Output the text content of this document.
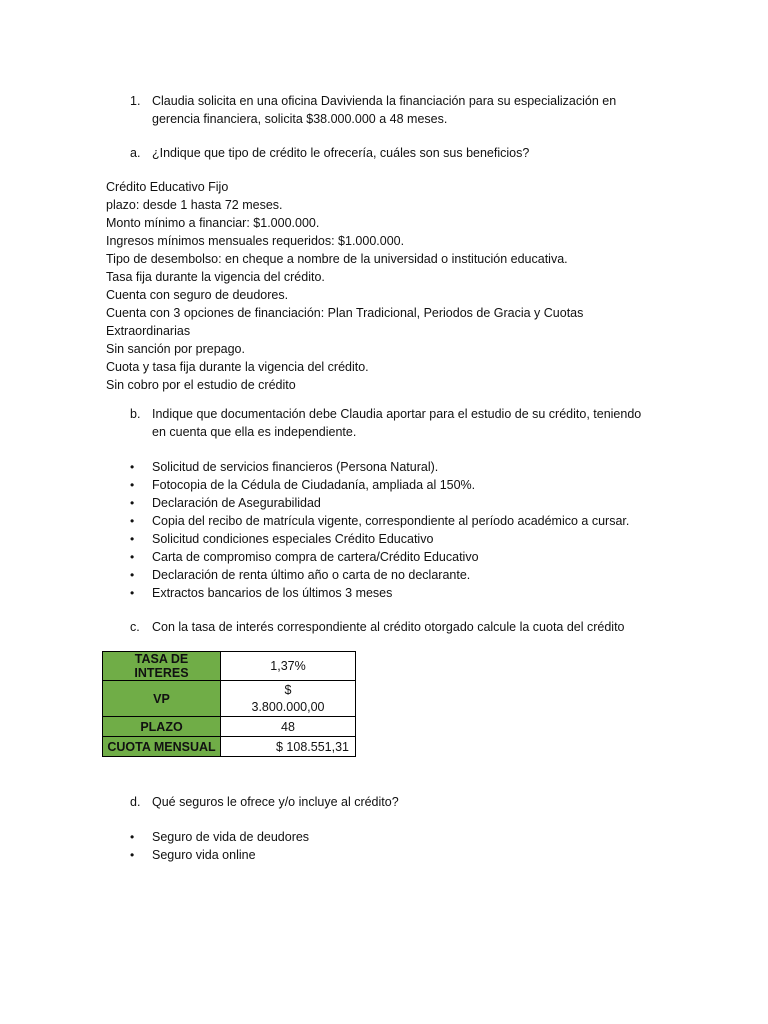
1. Claudia solicita en una oficina Davivienda la financiación para su especialización en
gerencia financiera, solicita $38.000.000 a 48 meses.
a. ¿Indique que tipo de crédito le ofrecería, cuáles son sus beneficios?
Crédito Educativo Fijo
plazo: desde 1 hasta 72 meses.
Monto mínimo a financiar: $1.000.000.
Ingresos mínimos mensuales requeridos: $1.000.000.
Tipo de desembolso: en cheque a nombre de la universidad o institución educativa.
Tasa fija durante la vigencia del crédito.
Cuenta con seguro de deudores.
Cuenta con 3 opciones de financiación: Plan Tradicional, Periodos de Gracia y Cuotas
Extraordinarias
Sin sanción por prepago.
Cuota y tasa fija durante la vigencia del crédito.
Sin cobro por el estudio de crédito
b. Indique que documentación debe Claudia aportar para el estudio de su crédito, teniendo
en cuenta que ella es independiente.
• Solicitud de servicios financieros (Persona Natural).
• Fotocopia de la Cédula de Ciudadanía, ampliada al 150%.
• Declaración de Asegurabilidad
• Copia del recibo de matrícula vigente, correspondiente al período académico a cursar.
• Solicitud condiciones especiales Crédito Educativo
• Carta de compromiso compra de cartera/Crédito Educativo
• Declaración de renta último año o carta de no declarante.
• Extractos bancarios de los últimos 3 meses
c. Con la tasa de interés correspondiente al crédito otorgado calcule la cuota del crédito
TASA DE INTERES	1,37%
VP	$
3.800.000,00

PLAZO	48
CUOTA MENSUAL	$ 108.551,31
d. Qué seguros le ofrece y/o incluye al crédito?
• Seguro de vida de deudores
• Seguro vida online
